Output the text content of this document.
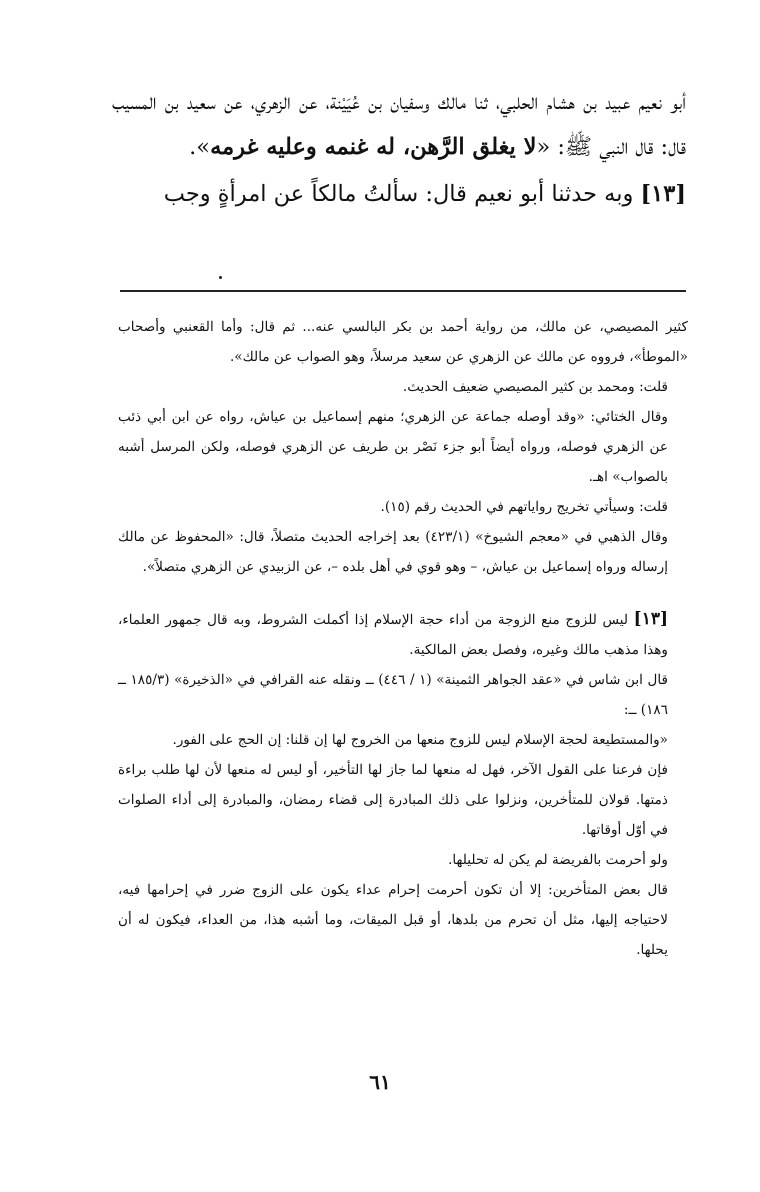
أبو نعيم عبيد بن هشام الحلبي، ثنا مالك وسفيان بن عُيَيْنة، عن الزهري، عن سعيد بن المسيب قال: قال النبي ﷺ: «لا يغلق الرَّهن، له غنمه وعليه غرمه».

[١٣] وبه حدثنا أبو نعيم قال: سألتُ مالكاً عن امرأةٍ وجب

كثير المصيصي، عن مالك، من رواية أحمد بن بكر البالسي عنه... ثم قال: وأما القعنبي وأصحاب «الموطأ»، فرووه عن مالك عن الزهري عن سعيد مرسلاً، وهو الصواب عن مالك».

قلت: ومحمد بن كثير المصيصي ضعيف الحديث.

وقال الختائي: «وقد أوصله جماعة عن الزهري؛ منهم إسماعيل بن عياش، رواه عن ابن أبي ذئب عن الزهري فوصله، ورواه أيضاً أبو جزء نَصْر بن طريف عن الزهري فوصله، ولكن المرسل أشبه بالصواب» اهـ.

قلت: وسيأتي تخريج رواياتهم في الحديث رقم (١٥).

وقال الذهبي في «معجم الشيوخ» (٤٢٣/١) بعد إخراجه الحديث متصلاً، قال: «المحفوظ عن مالك إرساله ورواه إسماعيل بن عياش، – وهو قوي في أهل بلده –، عن الزبيدي عن الزهري متصلاً».

[١٣] ليس للزوج منع الزوجة من أداء حجة الإسلام إذا أكملت الشروط، وبه قال جمهور العلماء، وهذا مذهب مالك وغيره، وفصل بعض المالكية.

قال ابن شاس في «عقد الجواهر الثمينة» (١ / ٤٤٦) ــ ونقله عنه القرافي في «الذخيرة» (١٨٥/٣ ــ ١٨٦) ــ:

«والمستطيعة لحجة الإسلام ليس للزوج منعها من الخروج لها إن قلنا: إن الحج على الفور.

فإن فرعنا على القول الآخر، فهل له منعها لما جاز لها التأخير، أو ليس له منعها لأن لها طلب براءة ذمتها. قولان للمتأخرين، ونزلوا على ذلك المبادرة إلى قضاء رمضان، والمبادرة إلى أداء الصلوات في أوّل أوقاتها.

ولو أحرمت بالفريضة لم يكن له تحليلها.

قال بعض المتأخرين: إلا أن تكون أحرمت إحرام عداء يكون على الزوج ضرر في إحرامها فيه، لاحتياجه إليها، مثل أن تحرم من بلدها، أو قبل الميقات، وما أشبه هذا، من العداء، فيكون له أن يحلها.

٦١
